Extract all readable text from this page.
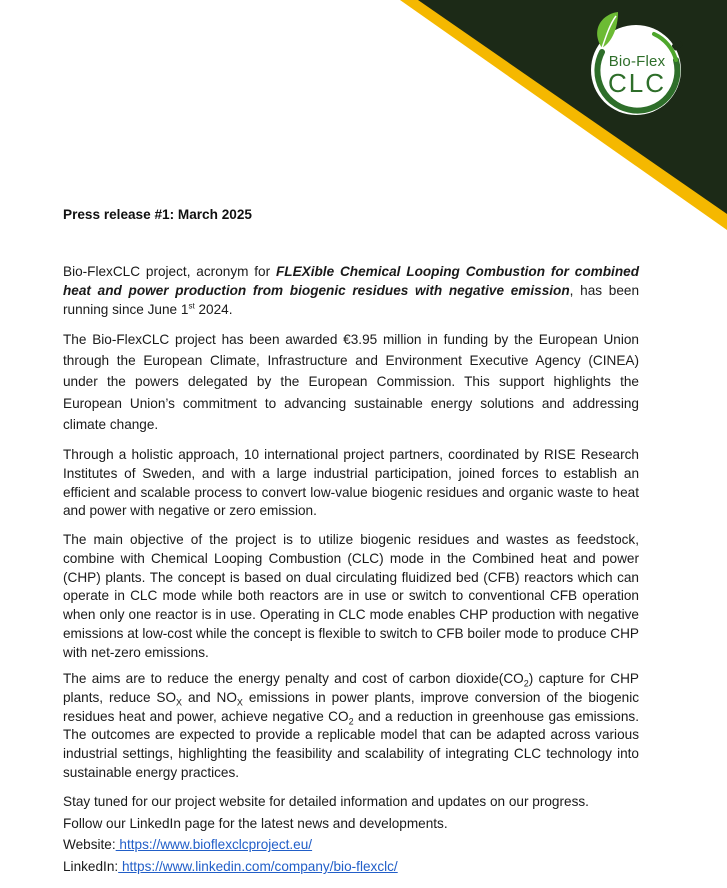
Bio-Flex
CLC
Press release #1: March 2025

Bio-FlexCLC project, acronym for FLEXible Chemical Looping Combustion for combined heat and power production from biogenic residues with negative emission, has been running since June 1st 2024.

The Bio-FlexCLC project has been awarded €3.95 million in funding by the European Union through the European Climate, Infrastructure and Environment Executive Agency (CINEA) under the powers delegated by the European Commission. This support highlights the European Union’s commitment to advancing sustainable energy solutions and addressing climate change.

Through a holistic approach, 10 international project partners, coordinated by RISE Research Institutes of Sweden, and with a large industrial participation, joined forces to establish an efficient and scalable process to convert low-value biogenic residues and organic waste to heat and power with negative or zero emission.

The main objective of the project is to utilize biogenic residues and wastes as feedstock, combine with Chemical Looping Combustion (CLC) mode in the Combined heat and power (CHP) plants. The concept is based on dual circulating fluidized bed (CFB) reactors which can operate in CLC mode while both reactors are in use or switch to conventional CFB operation when only one reactor is in use. Operating in CLC mode enables CHP production with negative emissions at low-cost while the concept is flexible to switch to CFB boiler mode to produce CHP with net-zero emissions.

The aims are to reduce the energy penalty and cost of carbon $dioxide(CO_2)$ capture for CHP plants, reduce $SO_X$ and $NO_X$ emissions in power plants, improve conversion of the biogenic residues heat and power, achieve negative $CO_2$ and a reduction in greenhouse gas emissions. The outcomes are expected to provide a replicable model that can be adapted across various industrial settings, highlighting the feasibility and scalability of integrating CLC technology into sustainable energy practices.

Stay tuned for our project website for detailed information and updates on our progress.
Follow our LinkedIn page for the latest news and developments.
Website: https://www.bioflexclcproject.eu/
LinkedIn: https://www.linkedin.com/company/bio-flexclc/
